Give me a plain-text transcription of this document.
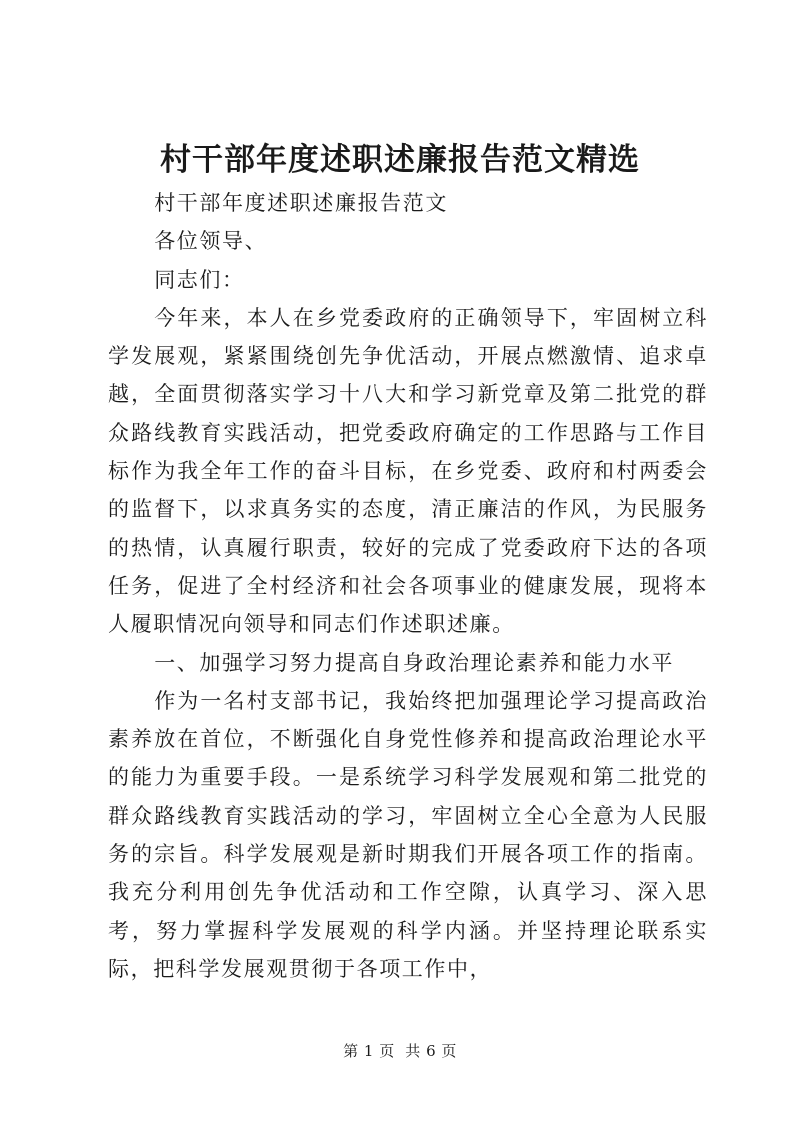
村干部年度述职述廉报告范文精选

村干部年度述职述廉报告范文

各位领导、

同志们：

今年来，本人在乡党委政府的正确领导下，牢固树立科学发展观，紧紧围绕创先争优活动，开展点燃激情、追求卓越，全面贯彻落实学习十八大和学习新党章及第二批党的群众路线教育实践活动，把党委政府确定的工作思路与工作目标作为我全年工作的奋斗目标，在乡党委、政府和村两委会的监督下，以求真务实的态度，清正廉洁的作风，为民服务的热情，认真履行职责，较好的完成了党委政府下达的各项任务，促进了全村经济和社会各项事业的健康发展，现将本人履职情况向领导和同志们作述职述廉。

一、加强学习努力提高自身政治理论素养和能力水平

作为一名村支部书记，我始终把加强理论学习提高政治素养放在首位，不断强化自身党性修养和提高政治理论水平的能力为重要手段。一是系统学习科学发展观和第二批党的群众路线教育实践活动的学习，牢固树立全心全意为人民服务的宗旨。科学发展观是新时期我们开展各项工作的指南。我充分利用创先争优活动和工作空隙，认真学习、深入思考，努力掌握科学发展观的科学内涵。并坚持理论联系实际，把科学发展观贯彻于各项工作中，

第 1 页 共 6 页
